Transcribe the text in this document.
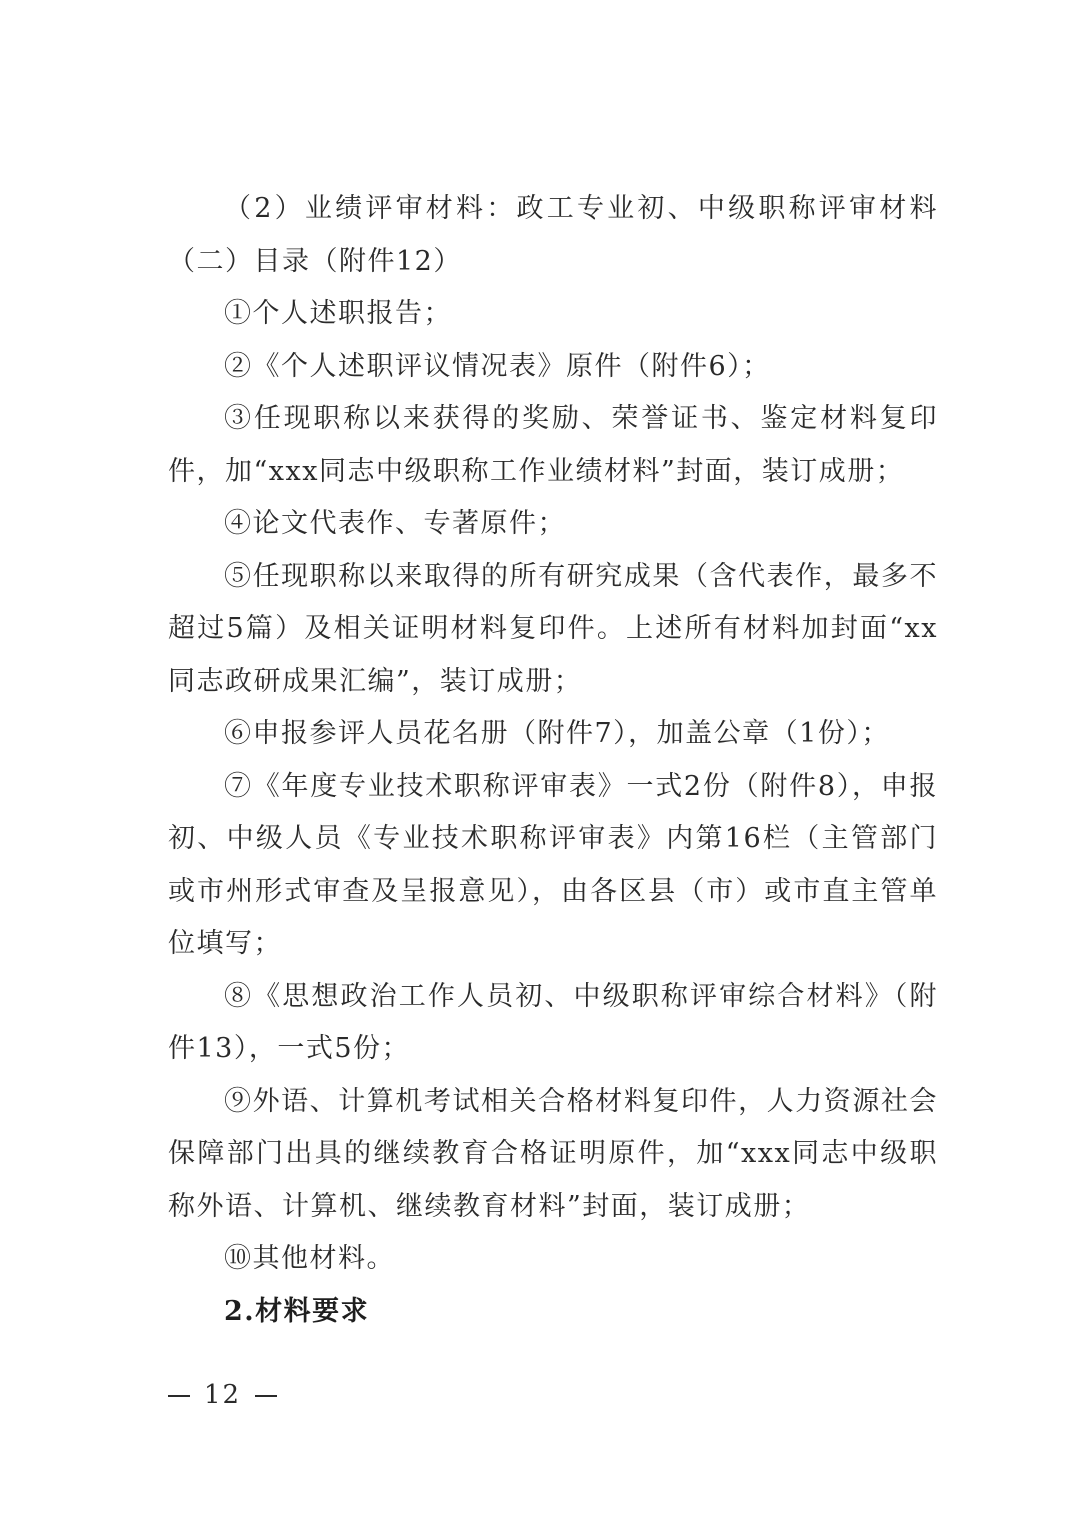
（2）业绩评审材料：政工专业初、中级职称评审材料（二）目录（附件12）

①个人述职报告；

②《个人述职评议情况表》原件（附件6）；

③任现职称以来获得的奖励、荣誉证书、鉴定材料复印件，加“xxx同志中级职称工作业绩材料”封面，装订成册；

④论文代表作、专著原件；

⑤任现职称以来取得的所有研究成果（含代表作，最多不超过5篇）及相关证明材料复印件。上述所有材料加封面“xx同志政研成果汇编”，装订成册；

⑥申报参评人员花名册（附件7），加盖公章（1份）；

⑦《年度专业技术职称评审表》一式2份（附件8），申报初、中级人员《专业技术职称评审表》内第16栏（主管部门或市州形式审查及呈报意见），由各区县（市）或市直主管单位填写；

⑧《思想政治工作人员初、中级职称评审综合材料》（附件13），一式5份；

⑨外语、计算机考试相关合格材料复印件，人力资源社会保障部门出具的继续教育合格证明原件，加“xxx同志中级职称外语、计算机、继续教育材料”封面，装订成册；

⑩其他材料。

2.材料要求

12
